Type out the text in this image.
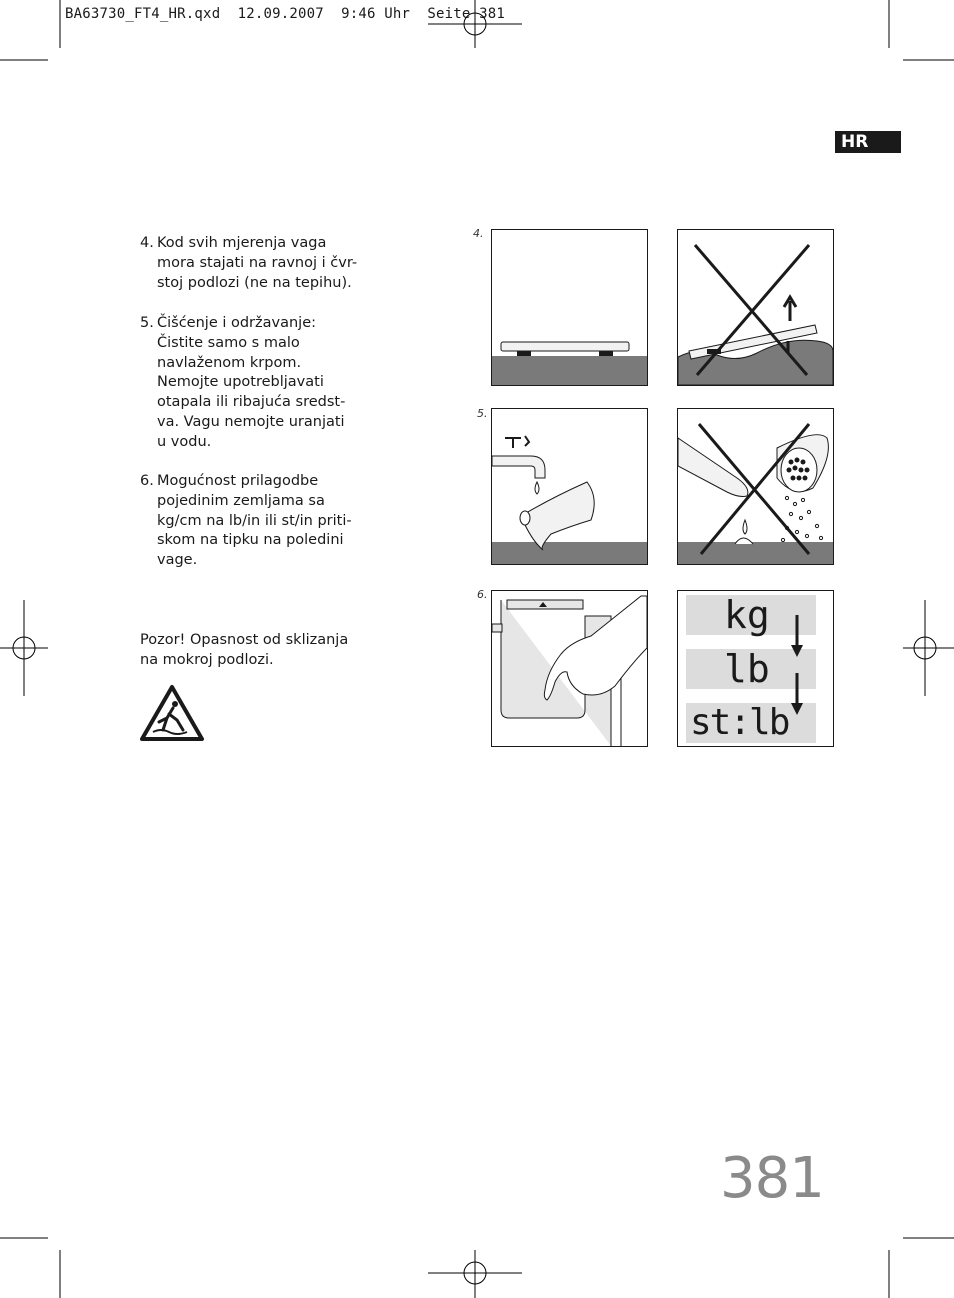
BA63730_FT4_HR.qxd  12.09.2007  9:46 Uhr  Seite 381
HR

4. Kod svih mjerenja vaga
mora stajati na ravnoj i čvr-
stoj podlozi (ne na tepihu).

5. Čišćenje i održavanje:
Čistite samo s malo
navlaženom krpom.
Nemojte upotrebljavati
otapala ili ribajuća sredst-
va. Vagu nemojte uranjati
u vodu.

6. Mogućnost prilagodbe
pojedinim zemljama sa
kg/cm na lb/in ili st/in priti-
skom na tipku na poledini
vage.

Pozor! Opasnost od sklizanja
na mokroj podlozi.
4.
5.
6.	kg
lb
st:lb
381
